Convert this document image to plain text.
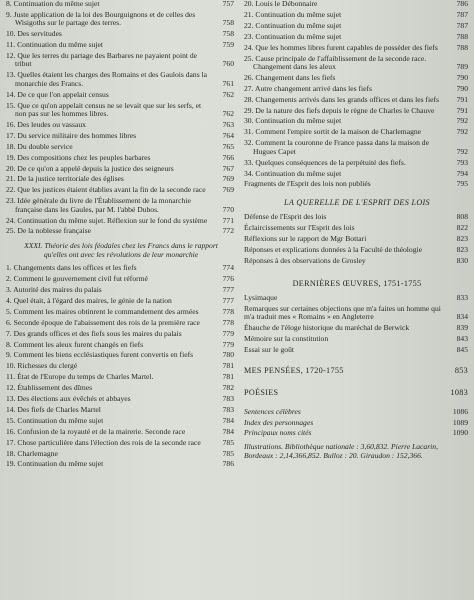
8. Continuation du même sujet	757
9. Juste application de la loi des Bourguignons et de celles des Wisigoths sur le partage des terres.	758
10. Des servitudes	758
11. Continuation du même sujet	759
12. Que les terres du partage des Barbares ne payaient point de tribut	760
13. Quelles étaient les charges des Romains et des Gaulois dans la monarchie des Francs.	761
14. De ce que l'on appelait census	762
15. Que ce qu'on appelait census ne se levait que sur les serfs, et non pas sur les hommes libres.	762
16. Des leudes ou vassaux	763
17. Du service militaire des hommes libres	764
18. Du double service	765
19. Des compositions chez les peuples barbares	766
20. De ce qu'on a appelé depuis la justice des seigneurs	767
21. De la justice territoriale des églises	769
22. Que les justices étaient établies avant la fin de la seconde race 769
23. Idée générale du livre de l'Établissement de la monarchie française dans les Gaules, par M. l'abbé Dubos.	770
24. Continuation du même sujet. Réflexion sur le fond du système 771
25. De la noblesse française	772
XXXI. Théorie des lois féodales chez les Francs dans le rapport qu'elles ont avec les révolutions de leur monarchie
1. Changements dans les offices et les fiefs	774
2. Comment le gouvernement civil fut réformé	776
3. Autorité des maires du palais	777
4. Quel était, à l'égard des maires, le génie de la nation	777
5. Comment les maires obtinrent le commandement des armées	778
6. Seconde époque de l'abaissement des rois de la première race	778
7. Des grands offices et des fiefs sous les maires du palais	779
8. Comment les aleux furent changés en fiefs	779
9. Comment les biens ecclésiastiques furent convertis en fiefs	780
10. Richesses du clergé	781
11. État de l'Europe du temps de Charles Martel.	781
12. Établissement des dîmes	782
13. Des élections aux évêchés et abbayes	783
14. Des fiefs de Charles Martel	783
15. Continuation du même sujet	784
16. Confusion de la royauté et de la mairerie. Seconde race	784
17. Chose particulière dans l'élection des rois de la seconde race	785
18. Charlemagne	785
19. Continuation du même sujet	786
20. Louis le Débonnaire	786
21. Continuation du même sujet	787
22. Continuation du même sujet	787
23. Continuation du même sujet	788
24. Que les hommes libres furent capables de posséder des fiefs 788
25. Cause principale de l'affaiblissement de la seconde race. Changement dans les aleux	789
26. Changement dans les fiefs	790
27. Autre changement arrivé dans les fiefs	790
28. Changements arrivés dans les grands offices et dans les fiefs 791
29. De la nature des fiefs depuis le règne de Charles le Chauve	791
30. Continuation du même sujet	792
31. Comment l'empire sortit de la maison de Charlemagne	792
32. Comment la couronne de France passa dans la maison de Hugues Capet	792
33. Quelques conséquences de la perpétuité des fiefs.	793
34. Continuation du même sujet	794
Fragments de l'Esprit des lois non publiés	795
LA QUERELLE DE L'ESPRIT DES LOIS
Défense de l'Esprit des lois	808
Éclaircissements sur l'Esprit des lois	822
Réflexions sur le rapport de Mgr Bottari	823
Réponses et explications données à la Faculté de théologie	823
Réponses à des observations de Grosley	830
DERNIÈRES ŒUVRES, 1751-1755
Lysimaque	833
Remarques sur certaines objections que m'a faites un homme qui m'a traduit mes « Romains » en Angleterre	834
Ébauche de l'éloge historique du maréchal de Berwick	839
Mémoire sur la constitution	843
Essai sur le goût	845
MES PENSÉES, 1720-1755	853
POÉSIES	1083
Sentences célèbres	1086
Index des personnages	1089
Principaux noms cités	1090
Illustrations. Bibliothèque nationale : 3,60,832. Pierre Lacarin, Bordeaux : 2,14,366,852. Bulloz : 20. Giraudon : 152,366.
